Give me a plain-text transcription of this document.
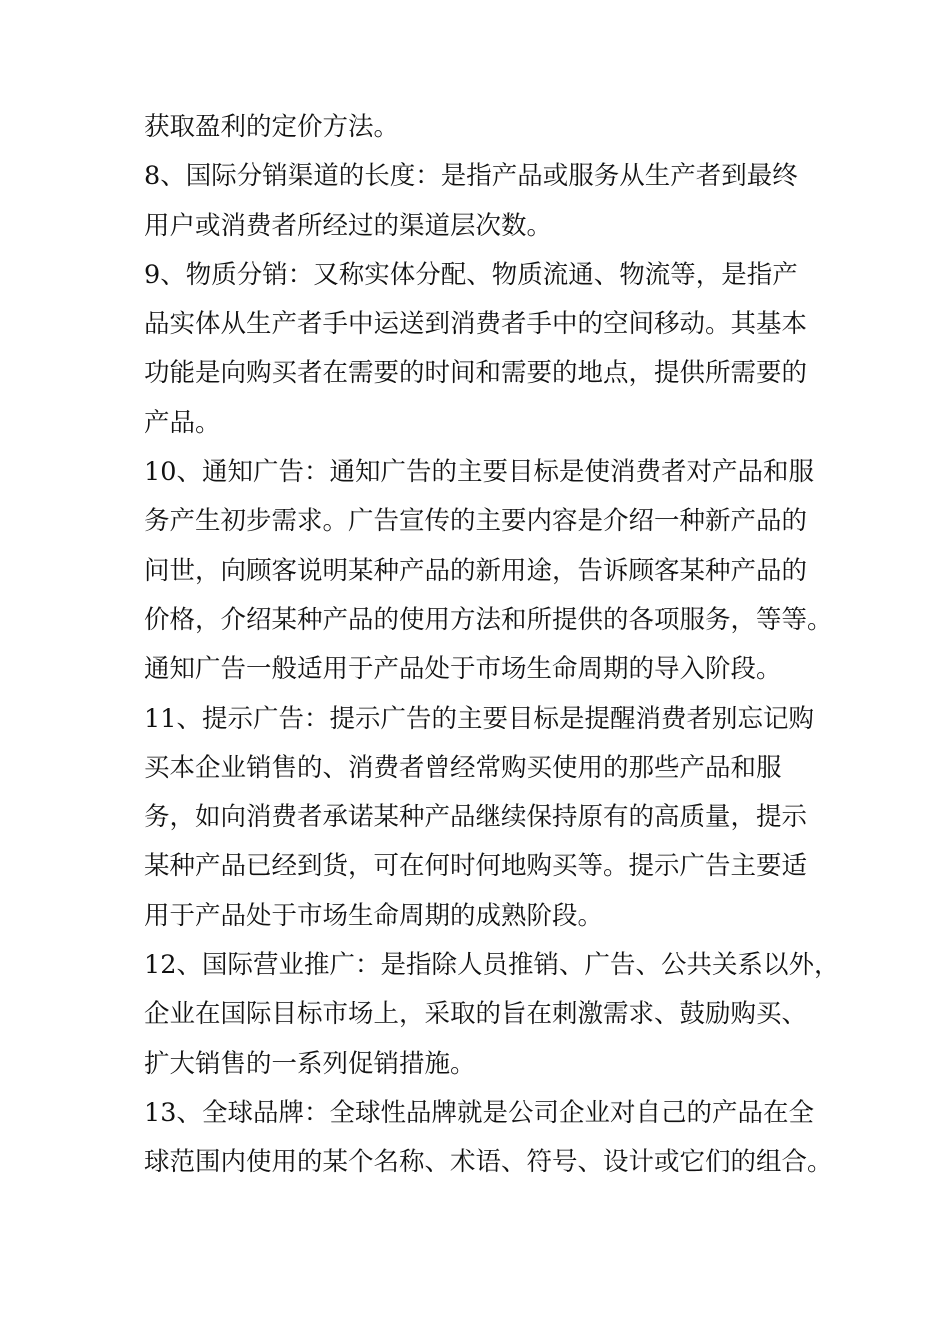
获取盈利的定价方法。
8、国际分销渠道的长度：是指产品或服务从生产者到最终
用户或消费者所经过的渠道层次数。
9、物质分销：又称实体分配、物质流通、物流等，是指产
品实体从生产者手中运送到消费者手中的空间移动。其基本
功能是向购买者在需要的时间和需要的地点，提供所需要的
产品。
10、通知广告：通知广告的主要目标是使消费者对产品和服
务产生初步需求。广告宣传的主要内容是介绍一种新产品的
问世，向顾客说明某种产品的新用途，告诉顾客某种产品的
价格，介绍某种产品的使用方法和所提供的各项服务，等等。
通知广告一般适用于产品处于市场生命周期的导入阶段。
11、提示广告：提示广告的主要目标是提醒消费者别忘记购
买本企业销售的、消费者曾经常购买使用的那些产品和服
务，如向消费者承诺某种产品继续保持原有的高质量，提示
某种产品已经到货，可在何时何地购买等。提示广告主要适
用于产品处于市场生命周期的成熟阶段。
12、国际营业推广：是指除人员推销、广告、公共关系以外，
企业在国际目标市场上，采取的旨在刺激需求、鼓励购买、
扩大销售的一系列促销措施。
13、全球品牌：全球性品牌就是公司企业对自己的产品在全
球范围内使用的某个名称、术语、符号、设计或它们的组合。
